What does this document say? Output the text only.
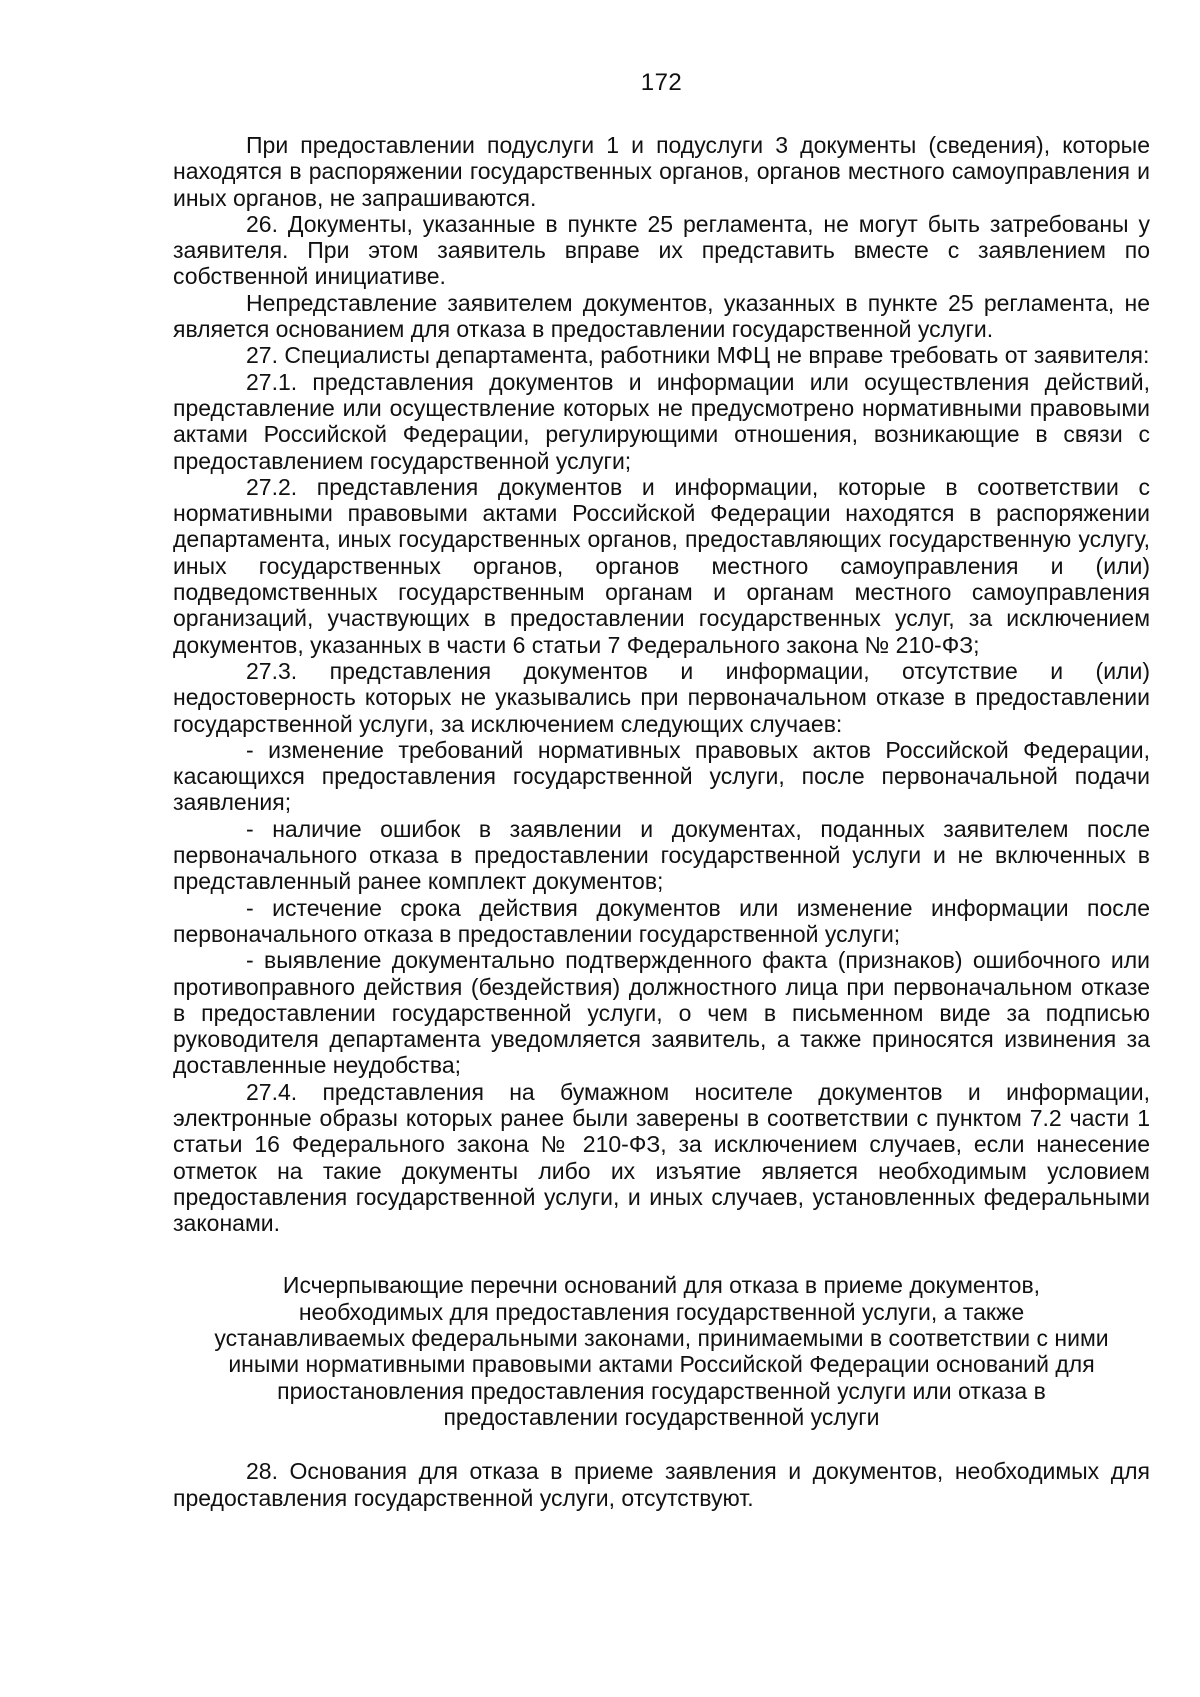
172

При предоставлении подуслуги 1 и подуслуги 3 документы (сведения), которые находятся в распоряжении государственных органов, органов местного самоуправления и иных органов, не запрашиваются.

26. Документы, указанные в пункте 25 регламента, не могут быть затребованы у заявителя. При этом заявитель вправе их представить вместе с заявлением по собственной инициативе.

Непредставление заявителем документов, указанных в пункте 25 регламента, не является основанием для отказа в предоставлении государственной услуги.

27. Специалисты департамента, работники МФЦ не вправе требовать от заявителя:

27.1. представления документов и информации или осуществления действий, представление или осуществление которых не предусмотрено нормативными правовыми актами Российской Федерации, регулирующими отношения, возникающие в связи с предоставлением государственной услуги;

27.2. представления документов и информации, которые в соответствии с нормативными правовыми актами Российской Федерации находятся в распоряжении департамента, иных государственных органов, предоставляющих государственную услугу, иных государственных органов, органов местного самоуправления и (или) подведомственных государственным органам и органам местного самоуправления организаций, участвующих в предоставлении государственных услуг, за исключением документов, указанных в части 6 статьи 7 Федерального закона № 210-ФЗ;

27.3. представления документов и информации, отсутствие и (или) недостоверность которых не указывались при первоначальном отказе в предоставлении государственной услуги, за исключением следующих случаев:

- изменение требований нормативных правовых актов Российской Федерации, касающихся предоставления государственной услуги, после первоначальной подачи заявления;

- наличие ошибок в заявлении и документах, поданных заявителем после первоначального отказа в предоставлении государственной услуги и не включенных в представленный ранее комплект документов;

- истечение срока действия документов или изменение информации после первоначального отказа в предоставлении государственной услуги;

- выявление документально подтвержденного факта (признаков) ошибочного или противоправного действия (бездействия) должностного лица при первоначальном отказе в предоставлении государственной услуги, о чем в письменном виде за подписью руководителя департамента уведомляется заявитель, а также приносятся извинения за доставленные неудобства;

27.4. представления на бумажном носителе документов и информации, электронные образы которых ранее были заверены в соответствии с пунктом 7.2 части 1 статьи 16 Федерального закона № 210-ФЗ, за исключением случаев, если нанесение отметок на такие документы либо их изъятие является необходимым условием предоставления государственной услуги, и иных случаев, установленных федеральными законами.

Исчерпывающие перечни оснований для отказа в приеме документов,
необходимых для предоставления государственной услуги, а также
устанавливаемых федеральными законами, принимаемыми в соответствии с ними
иными нормативными правовыми актами Российской Федерации оснований для
приостановления предоставления государственной услуги или отказа в
предоставлении государственной услуги

28. Основания для отказа в приеме заявления и документов, необходимых для предоставления государственной услуги, отсутствуют.
